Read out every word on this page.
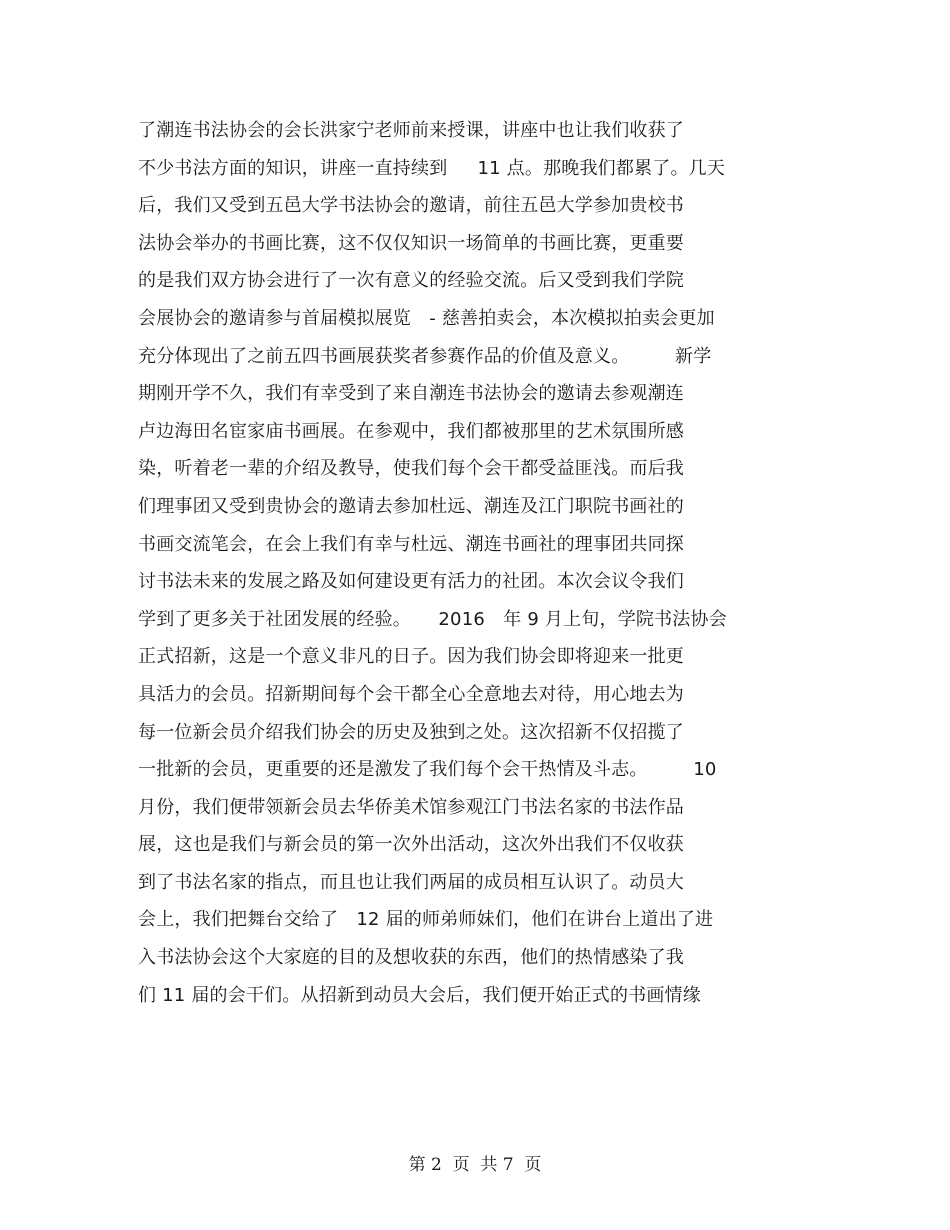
了潮连书法协会的会长洪家宁老师前来授课，讲座中也让我们收获了
不少书法方面的知识，讲座一直持续到　  11 点。那晚我们都累了。几天
后，我们又受到五邑大学书法协会的邀请，前往五邑大学参加贵校书
法协会举办的书画比赛，这不仅仅知识一场简单的书画比赛，更重要
的是我们双方协会进行了一次有意义的经验交流。后又受到我们学院
会展协会的邀请参与首届模拟展览　- 慈善拍卖会，本次模拟拍卖会更加
充分体现出了之前五四书画展获奖者参赛作品的价值及意义。　　　新学
期刚开学不久，我们有幸受到了来自潮连书法协会的邀请去参观潮连
卢边海田名宦家庙书画展。在参观中，我们都被那里的艺术氛围所感
染，听着老一辈的介绍及教导，使我们每个会干都受益匪浅。而后我
们理事团又受到贵协会的邀请去参加杜远、潮连及江门职院书画社的
书画交流笔会，在会上我们有幸与杜远、潮连书画社的理事团共同探
讨书法未来的发展之路及如何建设更有活力的社团。本次会议令我们
学到了更多关于社团发展的经验。　　2016　年 9 月上旬，学院书法协会
正式招新，这是一个意义非凡的日子。因为我们协会即将迎来一批更
具活力的会员。招新期间每个会干都全心全意地去对待，用心地去为
每一位新会员介绍我们协会的历史及独到之处。这次招新不仅招揽了
一批新的会员，更重要的还是激发了我们每个会干热情及斗志。　　　10
月份，我们便带领新会员去华侨美术馆参观江门书法名家的书法作品
展，这也是我们与新会员的第一次外出活动，这次外出我们不仅收获
到了书法名家的指点，而且也让我们两届的成员相互认识了。动员大
会上，我们把舞台交给了　12 届的师弟师妹们，他们在讲台上道出了进
入书法协会这个大家庭的目的及想收获的东西，他们的热情感染了我
们 11 届的会干们。从招新到动员大会后，我们便开始正式的书画情缘
第 2  页  共 7  页
